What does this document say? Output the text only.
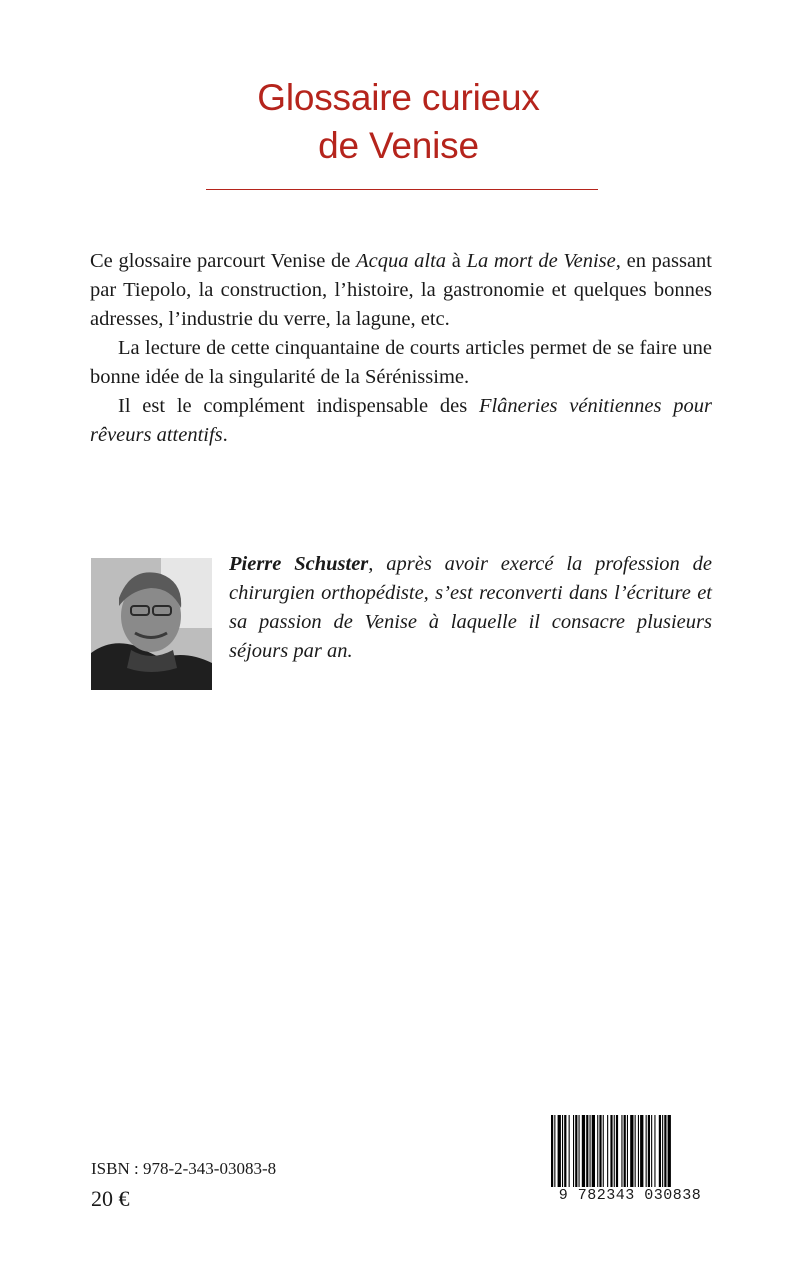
Glossaire curieux
de Venise

Ce glossaire parcourt Venise de Acqua alta à La mort de Venise, en passant par Tiepolo, la construction, l’histoire, la gastronomie et quelques bonnes adresses, l’industrie du verre, la lagune, etc.

La lecture de cette cinquantaine de courts articles permet de se faire une bonne idée de la singularité de la Sérénissime.

Il est le complément indispensable des Flâneries vénitiennes pour rêveurs attentifs.

Pierre Schuster, après avoir exercé la profession de chirurgien orthopédiste, s’est reconverti dans l’écriture et sa passion de Venise à laquelle il consacre plusieurs séjours par an.
ISBN : 978-2-343-03083-8
20 €	9 782343 030838
